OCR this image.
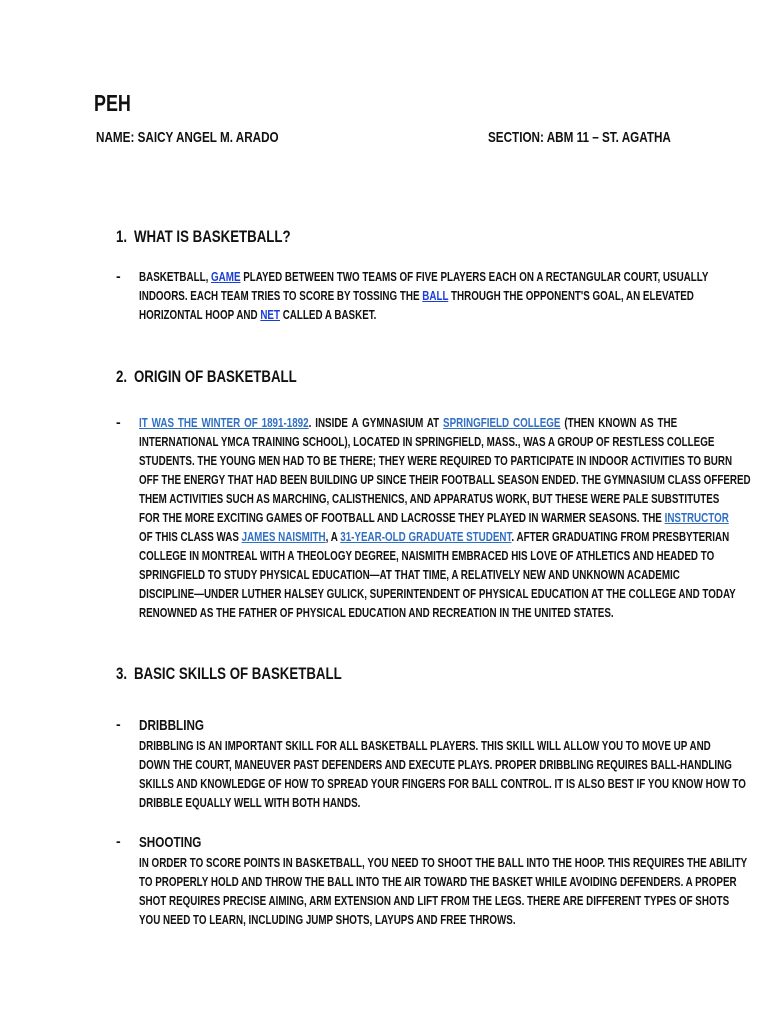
PEH
NAME: SAICY ANGEL M. ARADO	SECTION: ABM 11 – ST. AGATHA
1. WHAT IS BASKETBALL?
- BASKETBALL, GAME PLAYED BETWEEN TWO TEAMS OF FIVE PLAYERS EACH ON A RECTANGULAR COURT, USUALLY
INDOORS. EACH TEAM TRIES TO SCORE BY TOSSING THE BALL THROUGH THE OPPONENT'S GOAL, AN ELEVATED
HORIZONTAL HOOP AND NET CALLED A BASKET.
2. ORIGIN OF BASKETBALL
- IT WAS THE WINTER OF 1891-1892. INSIDE A GYMNASIUM AT SPRINGFIELD COLLEGE (THEN KNOWN AS THE
INTERNATIONAL YMCA TRAINING SCHOOL), LOCATED IN SPRINGFIELD, MASS., WAS A GROUP OF RESTLESS COLLEGE
STUDENTS. THE YOUNG MEN HAD TO BE THERE; THEY WERE REQUIRED TO PARTICIPATE IN INDOOR ACTIVITIES TO BURN
OFF THE ENERGY THAT HAD BEEN BUILDING UP SINCE THEIR FOOTBALL SEASON ENDED. THE GYMNASIUM CLASS OFFERED
THEM ACTIVITIES SUCH AS MARCHING, CALISTHENICS, AND APPARATUS WORK, BUT THESE WERE PALE SUBSTITUTES
FOR THE MORE EXCITING GAMES OF FOOTBALL AND LACROSSE THEY PLAYED IN WARMER SEASONS. THE INSTRUCTOR
OF THIS CLASS WAS JAMES NAISMITH, A 31-YEAR-OLD GRADUATE STUDENT. AFTER GRADUATING FROM PRESBYTERIAN
COLLEGE IN MONTREAL WITH A THEOLOGY DEGREE, NAISMITH EMBRACED HIS LOVE OF ATHLETICS AND HEADED TO
SPRINGFIELD TO STUDY PHYSICAL EDUCATION—AT THAT TIME, A RELATIVELY NEW AND UNKNOWN ACADEMIC
DISCIPLINE—UNDER LUTHER HALSEY GULICK, SUPERINTENDENT OF PHYSICAL EDUCATION AT THE COLLEGE AND TODAY
RENOWNED AS THE FATHER OF PHYSICAL EDUCATION AND RECREATION IN THE UNITED STATES.
3. BASIC SKILLS OF BASKETBALL
- DRIBBLING
DRIBBLING IS AN IMPORTANT SKILL FOR ALL BASKETBALL PLAYERS. THIS SKILL WILL ALLOW YOU TO MOVE UP AND
DOWN THE COURT, MANEUVER PAST DEFENDERS AND EXECUTE PLAYS. PROPER DRIBBLING REQUIRES BALL-HANDLING
SKILLS AND KNOWLEDGE OF HOW TO SPREAD YOUR FINGERS FOR BALL CONTROL. IT IS ALSO BEST IF YOU KNOW HOW TO
DRIBBLE EQUALLY WELL WITH BOTH HANDS.
- SHOOTING
IN ORDER TO SCORE POINTS IN BASKETBALL, YOU NEED TO SHOOT THE BALL INTO THE HOOP. THIS REQUIRES THE ABILITY
TO PROPERLY HOLD AND THROW THE BALL INTO THE AIR TOWARD THE BASKET WHILE AVOIDING DEFENDERS. A PROPER
SHOT REQUIRES PRECISE AIMING, ARM EXTENSION AND LIFT FROM THE LEGS. THERE ARE DIFFERENT TYPES OF SHOTS
YOU NEED TO LEARN, INCLUDING JUMP SHOTS, LAYUPS AND FREE THROWS.
